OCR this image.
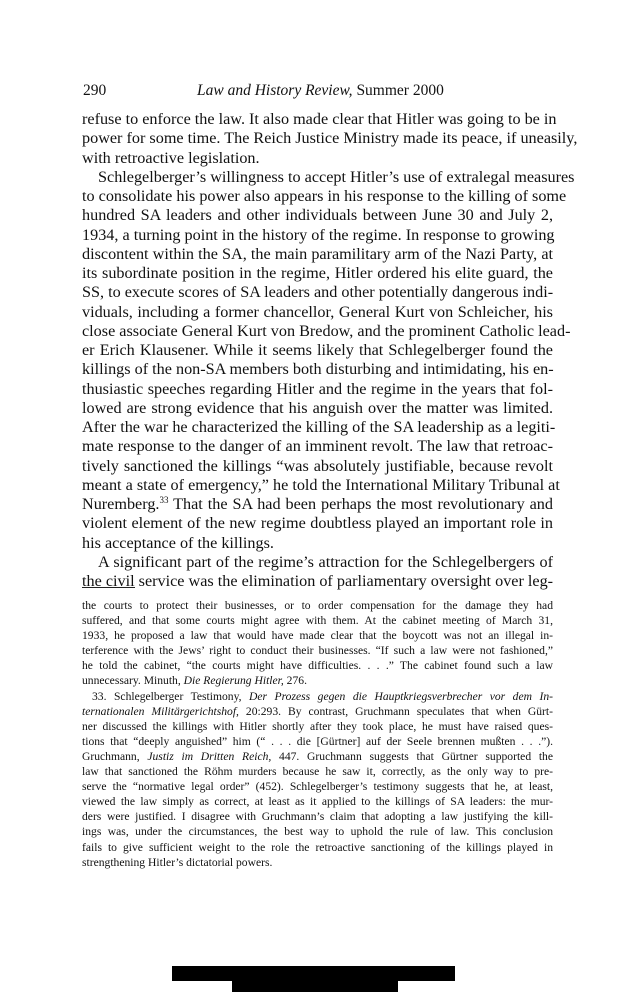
290	Law and History Review, Summer 2000
refuse to enforce the law. It also made clear that Hitler was going to be in
power for some time. The Reich Justice Ministry made its peace, if uneasily,
with retroactive legislation.
Schlegelberger’s willingness to accept Hitler’s use of extralegal measures
to consolidate his power also appears in his response to the killing of some
hundred SA leaders and other individuals between June 30 and July 2,
1934, a turning point in the history of the regime. In response to growing
discontent within the SA, the main paramilitary arm of the Nazi Party, at
its subordinate position in the regime, Hitler ordered his elite guard, the
SS, to execute scores of SA leaders and other potentially dangerous indi-
viduals, including a former chancellor, General Kurt von Schleicher, his
close associate General Kurt von Bredow, and the prominent Catholic lead-
er Erich Klausener. While it seems likely that Schlegelberger found the
killings of the non-SA members both disturbing and intimidating, his en-
thusiastic speeches regarding Hitler and the regime in the years that fol-
lowed are strong evidence that his anguish over the matter was limited.
After the war he characterized the killing of the SA leadership as a legiti-
mate response to the danger of an imminent revolt. The law that retroac-
tively sanctioned the killings “was absolutely justifiable, because revolt
meant a state of emergency,” he told the International Military Tribunal at
Nuremberg.$^{33}$ That the SA had been perhaps the most revolutionary and
violent element of the new regime doubtless played an important role in
his acceptance of the killings.
A significant part of the regime’s attraction for the Schlegelbergers of
the civil service was the elimination of parliamentary oversight over leg-
the courts to protect their businesses, or to order compensation for the damage they had
suffered, and that some courts might agree with them. At the cabinet meeting of March 31,
1933, he proposed a law that would have made clear that the boycott was not an illegal in-
terference with the Jews’ right to conduct their businesses. “If such a law were not fashioned,”
he told the cabinet, “the courts might have difficulties. . . .” The cabinet found such a law
unnecessary. Minuth, Die Regierung Hitler, 276.
33. Schlegelberger Testimony, Der Prozess gegen die Hauptkriegsverbrecher vor dem In-
ternationalen Militärgerichtshof, 20:293. By contrast, Gruchmann speculates that when Gürt-
ner discussed the killings with Hitler shortly after they took place, he must have raised ques-
tions that “deeply anguished” him (“ . . . die [Gürtner] auf der Seele brennen mußten . . .”).
Gruchmann, Justiz im Dritten Reich, 447. Gruchmann suggests that Gürtner supported the
law that sanctioned the Röhm murders because he saw it, correctly, as the only way to pre-
serve the “normative legal order” (452). Schlegelberger’s testimony suggests that he, at least,
viewed the law simply as correct, at least as it applied to the killings of SA leaders: the mur-
ders were justified. I disagree with Gruchmann’s claim that adopting a law justifying the kill-
ings was, under the circumstances, the best way to uphold the rule of law. This conclusion
fails to give sufficient weight to the role the retroactive sanctioning of the killings played in
strengthening Hitler’s dictatorial powers.
